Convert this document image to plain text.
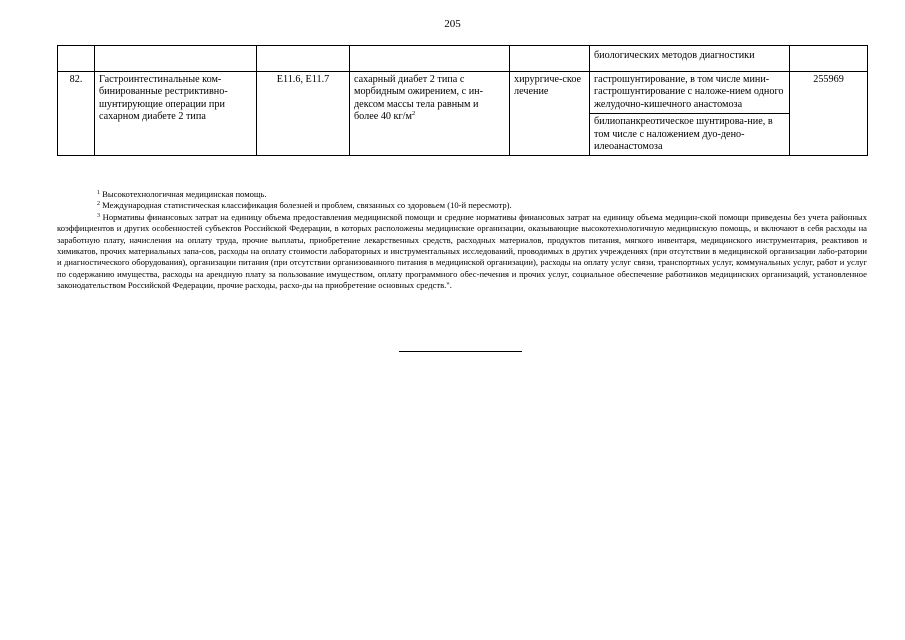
205
					биологических методов диагностики	
82.	Гастроинтестинальные ком-бинированные рестриктивно-шунтирующие операции при сахарном диабете 2 типа	E11.6, E11.7	сахарный диабет 2 типа с морбидным ожирением, с ин-дексом массы тела равным и более 40 $кг/м^2$	хирургиче-ское лечение	гастрошунтирование, в том числе мини-гастрошунтирование с наложе-нием одного желудочно-кишечного анастомоза	255969
					билиопанкреотическое шунтирова-ние, в том числе с наложением дуо-дено-илеоанастомоза	

$^1$ Высокотехнологичная медицинская помощь.

$^2$ Международная статистическая классификация болезней и проблем, связанных со здоровьем (10-й пересмотр).

$^3$ Нормативы финансовых затрат на единицу объема предоставления медицинской помощи и средние нормативы финансовых затрат на единицу объема медицин-ской помощи приведены без учета районных коэффициентов и других особенностей субъектов Российской Федерации, в которых расположены медицинские организации, оказывающие высокотехнологичную медицинскую помощь, и включают в себя расходы на заработную плату, начисления на оплату труда, прочие выплаты, приобретение лекарственных средств, расходных материалов, продуктов питания, мягкого инвентаря, медицинского инструментария, реактивов и химикатов, прочих материальных запа-сов, расходы на оплату стоимости лабораторных и инструментальных исследований, проводимых в других учреждениях (при отсутствии в медицинской организации лабо-ратории и диагностического оборудования), организации питания (при отсутствии организованного питания в медицинской организации), расходы на оплату услуг связи, транспортных услуг, коммунальных услуг, работ и услуг по содержанию имущества, расходы на арендную плату за пользование имуществом, оплату программного обес-печения и прочих услуг, социальное обеспечение работников медицинских организаций, установленное законодательством Российской Федерации, прочие расходы, расхо-ды на приобретение основных средств.".
